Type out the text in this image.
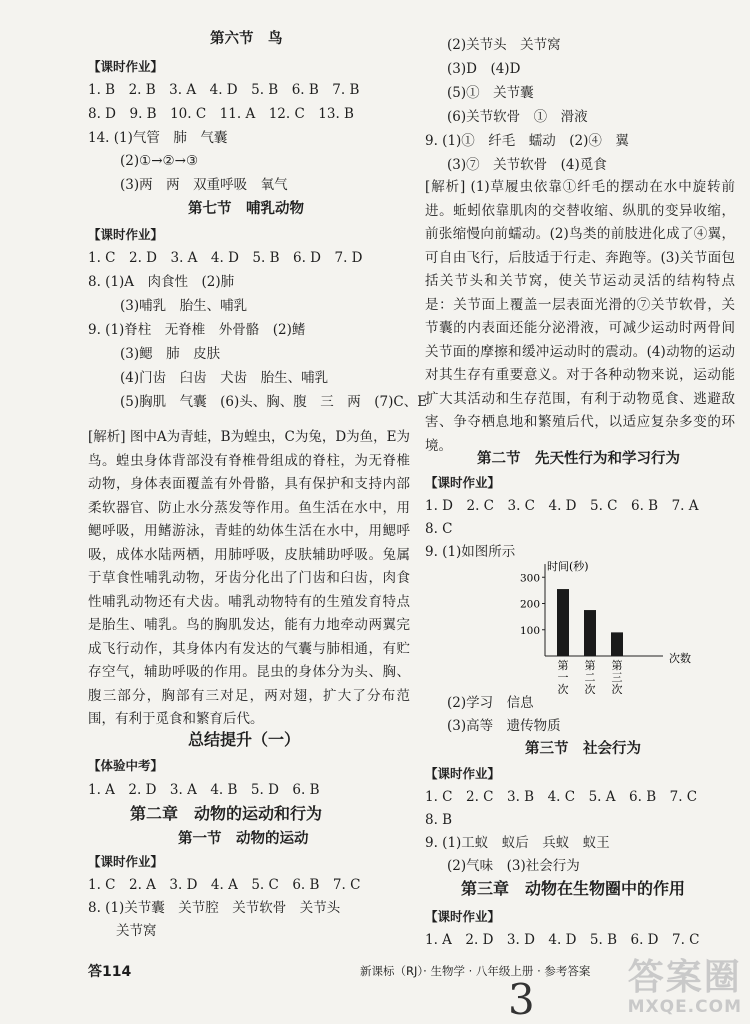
第六节　鸟
【课时作业】
1. B　2. B　3. A　4. D　5. B　6. B　7. B
8. D　9. B　10. C　11. A　12. C　13. B
14. (1)气管　肺　气囊
(2)①→②→③
(3)两　两　双重呼吸　氧气
第七节　哺乳动物
【课时作业】
1. C　2. D　3. A　4. D　5. B　6. D　7. D
8. (1)A　肉食性　(2)肺
(3)哺乳　胎生、哺乳
9. (1)脊柱　无脊椎　外骨骼　(2)鳍
(3)鳃　肺　皮肤
(4)门齿　臼齿　犬齿　胎生、哺乳
(5)胸肌　气囊　(6)头、胸、腹　三　两　(7)C、E
总结提升（一）
【体验中考】
1. A　2. D　3. A　4. B　5. D　6. B
第二章　动物的运动和行为
第一节　动物的运动
【课时作业】
1. C　2. A　3. D　4. A　5. C　6. B　7. C
8. (1)关节囊　关节腔　关节软骨　关节头
关节窝
[解析] 图中A为青蛙，B为蝗虫，C为兔，D为鱼，E为鸟。蝗虫身体背部没有脊椎骨组成的脊柱，为无脊椎动物，身体表面覆盖有外骨骼，具有保护和支持内部柔软器官、防止水分蒸发等作用。鱼生活在水中，用鳃呼吸，用鳍游泳，青蛙的幼体生活在水中，用鳃呼吸，成体水陆两栖，用肺呼吸，皮肤辅助呼吸。兔属于草食性哺乳动物，牙齿分化出了门齿和臼齿，肉食性哺乳动物还有犬齿。哺乳动物特有的生殖发育特点是胎生、哺乳。鸟的胸肌发达，能有力地牵动两翼完成飞行动作，其身体内有发达的气囊与肺相通，有贮存空气，辅助呼吸的作用。昆虫的身体分为头、胸、腹三部分，胸部有三对足，两对翅，扩大了分布范围，有利于觅食和繁育后代。
(2)关节头　关节窝
(3)D　(4)D
(5)①　关节囊
(6)关节软骨　①　滑液
9. (1)①　纤毛　蠕动　(2)④　翼
(3)⑦　关节软骨　(4)觅食
第二节　先天性行为和学习行为
【课时作业】
1. D　2. C　3. C　4. D　5. C　6. B　7. A
8. C
9. (1)如图所示
(2)学习　信息
(3)高等　遗传物质
第三节　社会行为
【课时作业】
1. C　2. C　3. B　4. C　5. A　6. B　7. C
8. B
9. (1)工蚁　蚁后　兵蚁　蚁王
(2)气味　(3)社会行为
第三章　动物在生物圈中的作用
【课时作业】
1. A　2. D　3. D　4. D　5. B　6. D　7. C
[解析] (1)草履虫依靠①纤毛的摆动在水中旋转前进。蚯蚓依靠肌肉的交替收缩、纵肌的变异收缩，前张缩慢向前蠕动。(2)鸟类的前肢进化成了④翼，可自由飞行，后肢适于行走、奔跑等。(3)关节面包括关节头和关节窝，使关节运动灵活的结构特点是：关节面上覆盖一层表面光滑的⑦关节软骨，关节囊的内表面还能分泌滑液，可减少运动时两骨间关节面的摩擦和缓冲运动时的震动。(4)动物的运动对其生存有重要意义。对于各种动物来说，运动能扩大其活动和生存范围，有利于动物觅食、逃避敌害、争夺栖息地和繁殖后代，以适应复杂多变的环境。
时间(秒)
次数
100
200
300
第
一
次
第
二
次
第
三
次
答114	新课标（RJ）· 生物学 · 八年级上册 · 参考答案
3	答案圈
MXQE.COM
